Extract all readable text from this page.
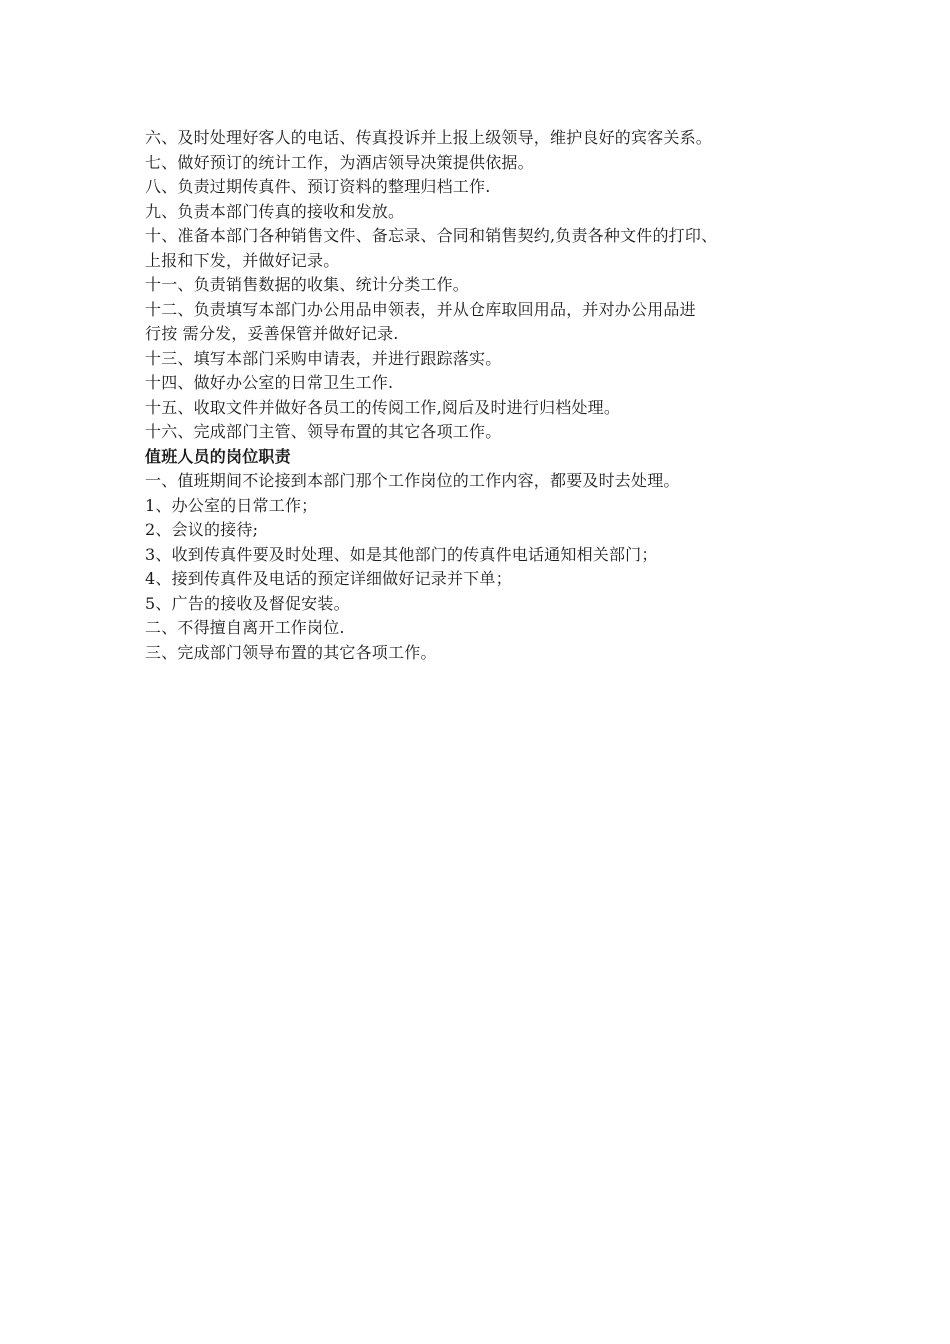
六、及时处理好客人的电话、传真投诉并上报上级领导，维护良好的宾客关系。
七、做好预订的统计工作，为酒店领导决策提供依据。
八、负责过期传真件、预订资料的整理归档工作.
九、负责本部门传真的接收和发放。
十、准备本部门各种销售文件、备忘录、合同和销售契约,负责各种文件的打印、
上报和下发，并做好记录。
十一、负责销售数据的收集、统计分类工作。
十二、负责填写本部门办公用品申领表，并从仓库取回用品，并对办公用品进
行按 需分发，妥善保管并做好记录.
十三、填写本部门采购申请表，并进行跟踪落实。
十四、做好办公室的日常卫生工作.
十五、收取文件并做好各员工的传阅工作,阅后及时进行归档处理。
十六、完成部门主管、领导布置的其它各项工作。
值班人员的岗位职责
一、值班期间不论接到本部门那个工作岗位的工作内容，都要及时去处理。
1、办公室的日常工作；
2、会议的接待;
3、收到传真件要及时处理、如是其他部门的传真件电话通知相关部门；
4、接到传真件及电话的预定详细做好记录并下单；
5、广告的接收及督促安装。
二、不得擅自离开工作岗位.
三、完成部门领导布置的其它各项工作。
